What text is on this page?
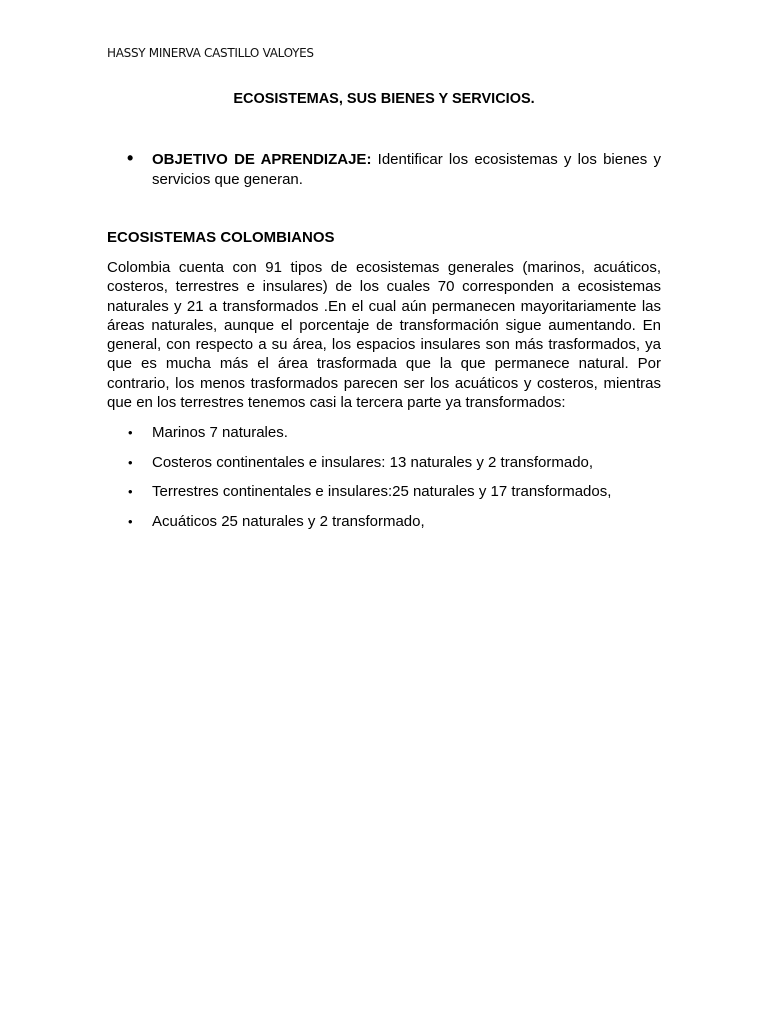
HASSY MINERVA CASTILLO VALOYES
ECOSISTEMAS, SUS BIENES Y SERVICIOS.
• OBJETIVO DE APRENDIZAJE: Identificar los ecosistemas y los bienes y servicios que generan.
ECOSISTEMAS COLOMBIANOS

Colombia cuenta con 91 tipos de ecosistemas generales (marinos, acuáticos, costeros, terrestres e insulares) de los cuales 70 corresponden a ecosistemas naturales y 21 a transformados .En el cual aún permanecen mayoritariamente las áreas naturales, aunque el porcentaje de transformación sigue aumentando. En general, con respecto a su área, los espacios insulares son más trasformados, ya que es mucha más el área trasformada que la que permanece natural. Por contrario, los menos trasformados parecen ser los acuáticos y costeros, mientras que en los terrestres tenemos casi la tercera parte ya transformados:

• Marinos 7 naturales.
• Costeros continentales e insulares: 13 naturales y 2 transformado,
• Terrestres continentales e insulares:25 naturales y 17 transformados,
• Acuáticos 25 naturales y 2 transformado,
